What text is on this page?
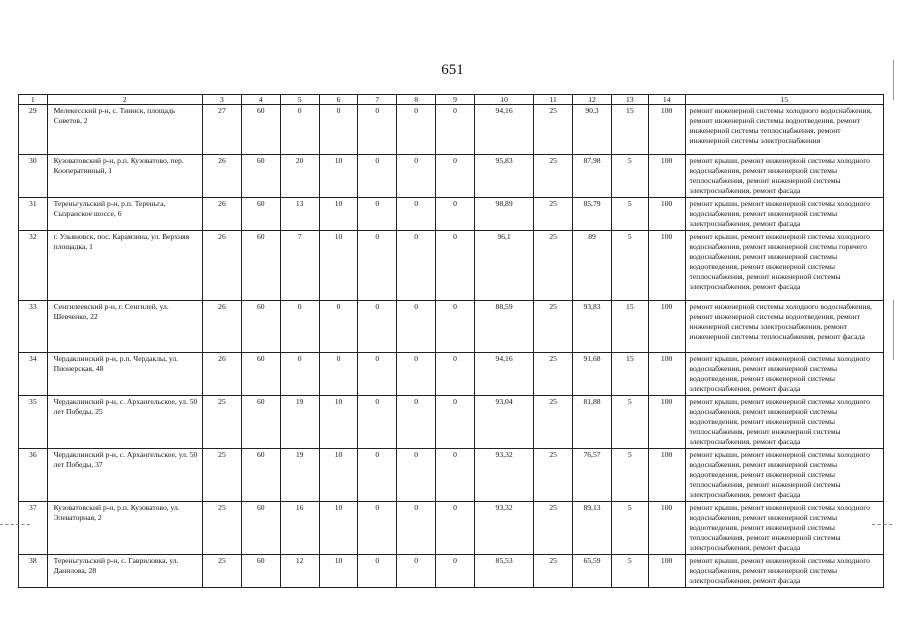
651
1	2	3	4	5	6	7	8	9	10	11	12	13	14	15
29	Мелекесский р-н, с. Тиинск, площадь Советов, 2	27	60	0	0	0	0	0	94,16	25	90,3	15	100	ремонт инженерной системы холодного водоснабжения, ремонт инженерной системы водоотведения, ремонт инженерной системы теплоснабжения, ремонт инженерной системы электроснабжения
30	Кузоватовский р-н, р.п. Кузоватово, пер. Кооперативный, 1	26	60	20	10	0	0	0	95,83	25	87,98	5	100	ремонт крыши, ремонт инженерной системы холодного водоснабжения, ремонт инженерной системы теплоснабжения, ремонт инженерной системы электроснабжения, ремонт фасада
31	Тереньгульский р-н, р.п. Тереньга, Сызранское шоссе, 6	26	60	13	10	0	0	0	98,89	25	85,79	5	100	ремонт крыши, ремонт инженерной системы холодного водоснабжения, ремонт инженерной системы электроснабжения, ремонт фасада
32	г. Ульяновск, пос. Карамзина, ул. Верхняя площадка, 1	26	60	7	10	0	0	0	96,1	25	89	5	100	ремонт крыши, ремонт инженерной системы холодного водоснабжения, ремонт инженерной системы горячего водоснабжения, ремонт инженерной системы водоотведения, ремонт инженерной системы теплоснабжения, ремонт инженерной системы электроснабжения, ремонт фасада
33	Сенгилеевский р-н, г. Сенгилей, ул. Шевченко, 22	26	60	0	0	0	0	0	88,59	25	93,83	15	100	ремонт инженерной системы холодного водоснабжения, ремонт инженерной системы водоотведения, ремонт инженерной системы электроснабжения, ремонт инженерной системы теплоснабжения, ремонт фасада
34	Чердаклинский р-н, р.п. Чердаклы, ул. Пионерская, 48	26	60	0	0	0	0	0	94,16	25	91,68	15	100	ремонт крыши, ремонт инженерной системы холодного водоснабжения, ремонт инженерной системы водоотведения, ремонт инженерной системы электроснабжения, ремонт фасада
35	Чердаклинский р-н, с. Архангельское, ул. 50 лет Победы, 25	25	60	19	10	0	0	0	93,04	25	81,88	5	100	ремонт крыши, ремонт инженерной системы холодного водоснабжения, ремонт инженерной системы водоотведения, ремонт инженерной системы теплоснабжения, ремонт инженерной системы электроснабжения, ремонт фасада
36	Чердаклинский р-н, с. Архангельское, ул. 50 лет Победы, 37	25	60	19	10	0	0	0	93,32	25	76,57	5	100	ремонт крыши, ремонт инженерной системы холодного водоснабжения, ремонт инженерной системы водоотведения, ремонт инженерной системы теплоснабжения, ремонт инженерной системы электроснабжения, ремонт фасада
37	Кузоватовский р-н, р.п. Кузоватово, ул. Элеваторная, 2	25	60	16	10	0	0	0	93,32	25	89,13	5	100	ремонт крыши, ремонт инженерной системы холодного водоснабжения, ремонт инженерной системы водоотведения, ремонт инженерной системы теплоснабжения, ремонт инженерной системы электроснабжения, ремонт фасада
38	Тереньгульский р-н, с. Гавриловка, ул. Данилова, 28	25	60	12	10	0	0	0	85,53	25	65,59	5	100	ремонт крыши, ремонт инженерной системы холодного водоснабжения, ремонт инженерной системы электроснабжения, ремонт фасада
